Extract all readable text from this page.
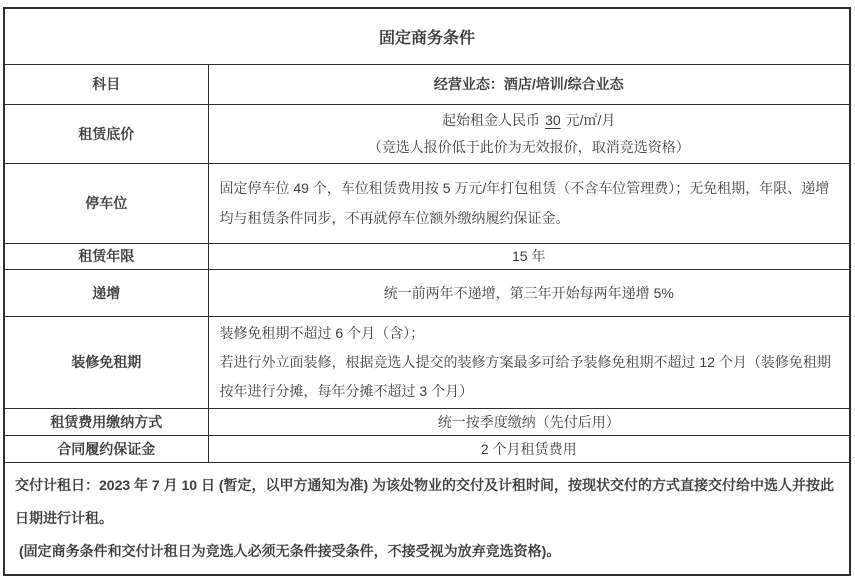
固定商务条件	
科目	经营业态：酒店/培训/综合业态
租赁底价	起始租金人民币 30 元/㎡/月
（竞选人报价低于此价为无效报价，取消竞选资格）

停车位	固定停车位 49 个，车位租赁费用按 5 万元/年打包租赁（不含车位管理费）；无免租期，年限、递增均与租赁条件同步，不再就停车位额外缴纳履约保证金。
租赁年限	15 年
递增	统一前两年不递增，第三年开始每两年递增 5%
装修免租期	装修免租期不超过 6 个月（含）；
若进行外立面装修，根据竞选人提交的装修方案最多可给予装修免租期不超过 12 个月（装修免租期按年进行分摊，每年分摊不超过 3 个月）

租赁费用缴纳方式	统一按季度缴纳（先付后用）
合同履约保证金	2 个月租赁费用

交付计租日：2023 年 7 月 10 日 (暂定，以甲方通知为准) 为该处物业的交付及计租时间，按现状交付的方式直接交付给中选人并按此日期进行计租。
(固定商务条件和交付计租日为竞选人必须无条件接受条件，不接受视为放弃竞选资格)。	
